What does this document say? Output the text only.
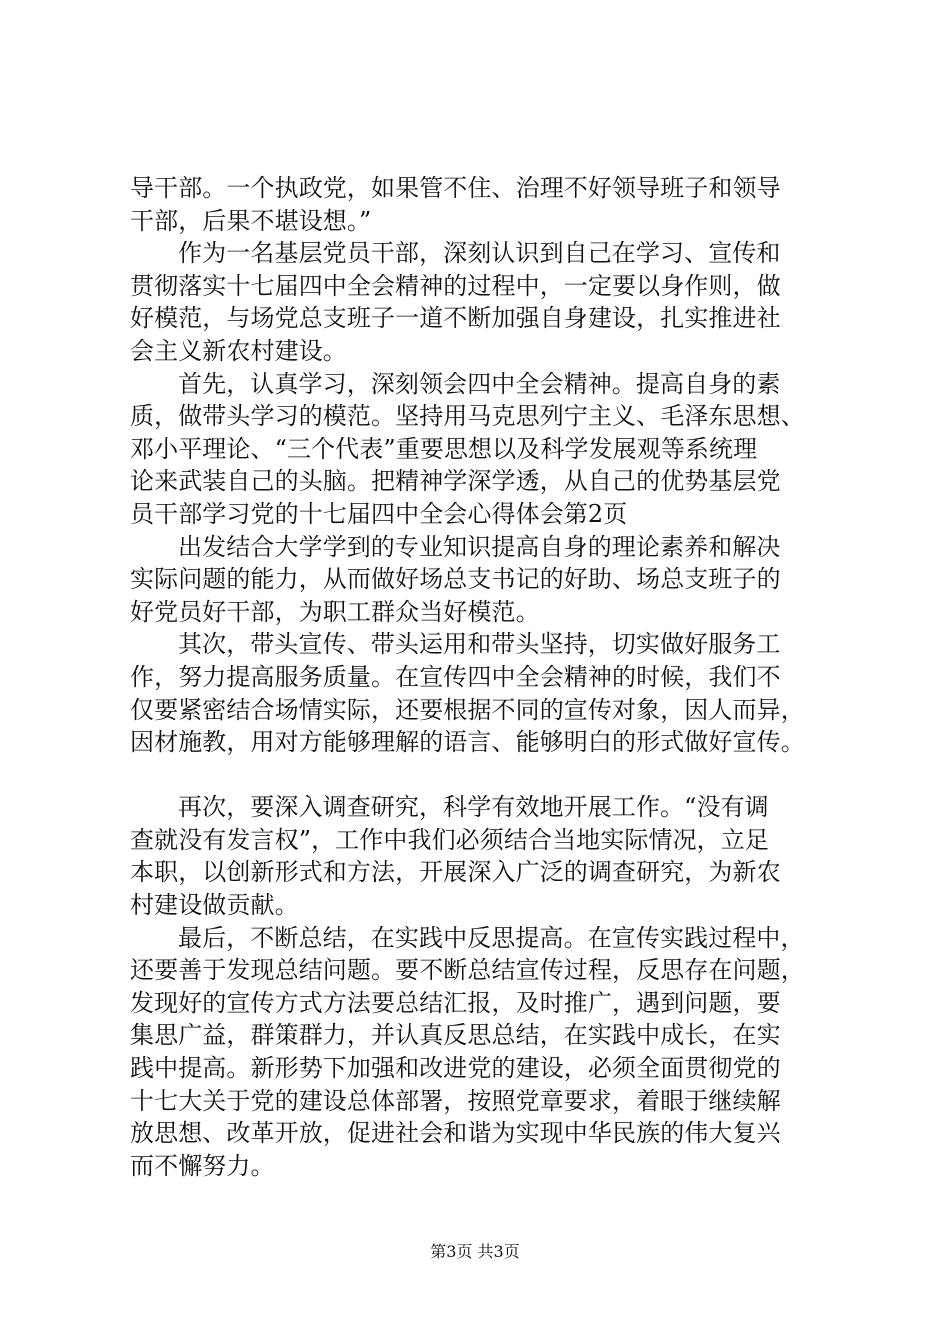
导干部。一个执政党，如果管不住、治理不好领导班子和领导
干部，后果不堪设想。”
作为一名基层党员干部，深刻认识到自己在学习、宣传和
贯彻落实十七届四中全会精神的过程中，一定要以身作则，做
好模范，与场党总支班子一道不断加强自身建设，扎实推进社
会主义新农村建设。
首先，认真学习，深刻领会四中全会精神。提高自身的素
质，做带头学习的模范。坚持用马克思列宁主义、毛泽东思想、
邓小平理论、“三个代表”重要思想以及科学发展观等系统理
论来武装自己的头脑。把精神学深学透，从自己的优势基层党
员干部学习党的十七届四中全会心得体会第2页
出发结合大学学到的专业知识提高自身的理论素养和解决
实际问题的能力，从而做好场总支书记的好助、场总支班子的
好党员好干部，为职工群众当好模范。
其次，带头宣传、带头运用和带头坚持，切实做好服务工
作，努力提高服务质量。在宣传四中全会精神的时候，我们不
仅要紧密结合场情实际，还要根据不同的宣传对象，因人而异，
因材施教，用对方能够理解的语言、能够明白的形式做好宣传。
再次，要深入调查研究，科学有效地开展工作。“没有调
查就没有发言权”，工作中我们必须结合当地实际情况，立足
本职，以创新形式和方法，开展深入广泛的调查研究，为新农
村建设做贡献。
最后，不断总结，在实践中反思提高。在宣传实践过程中，
还要善于发现总结问题。要不断总结宣传过程，反思存在问题，
发现好的宣传方式方法要总结汇报，及时推广，遇到问题，要
集思广益，群策群力，并认真反思总结，在实践中成长，在实
践中提高。新形势下加强和改进党的建设，必须全面贯彻党的
十七大关于党的建设总体部署，按照党章要求，着眼于继续解
放思想、改革开放，促进社会和谐为实现中华民族的伟大复兴
而不懈努力。
第3页 共3页
